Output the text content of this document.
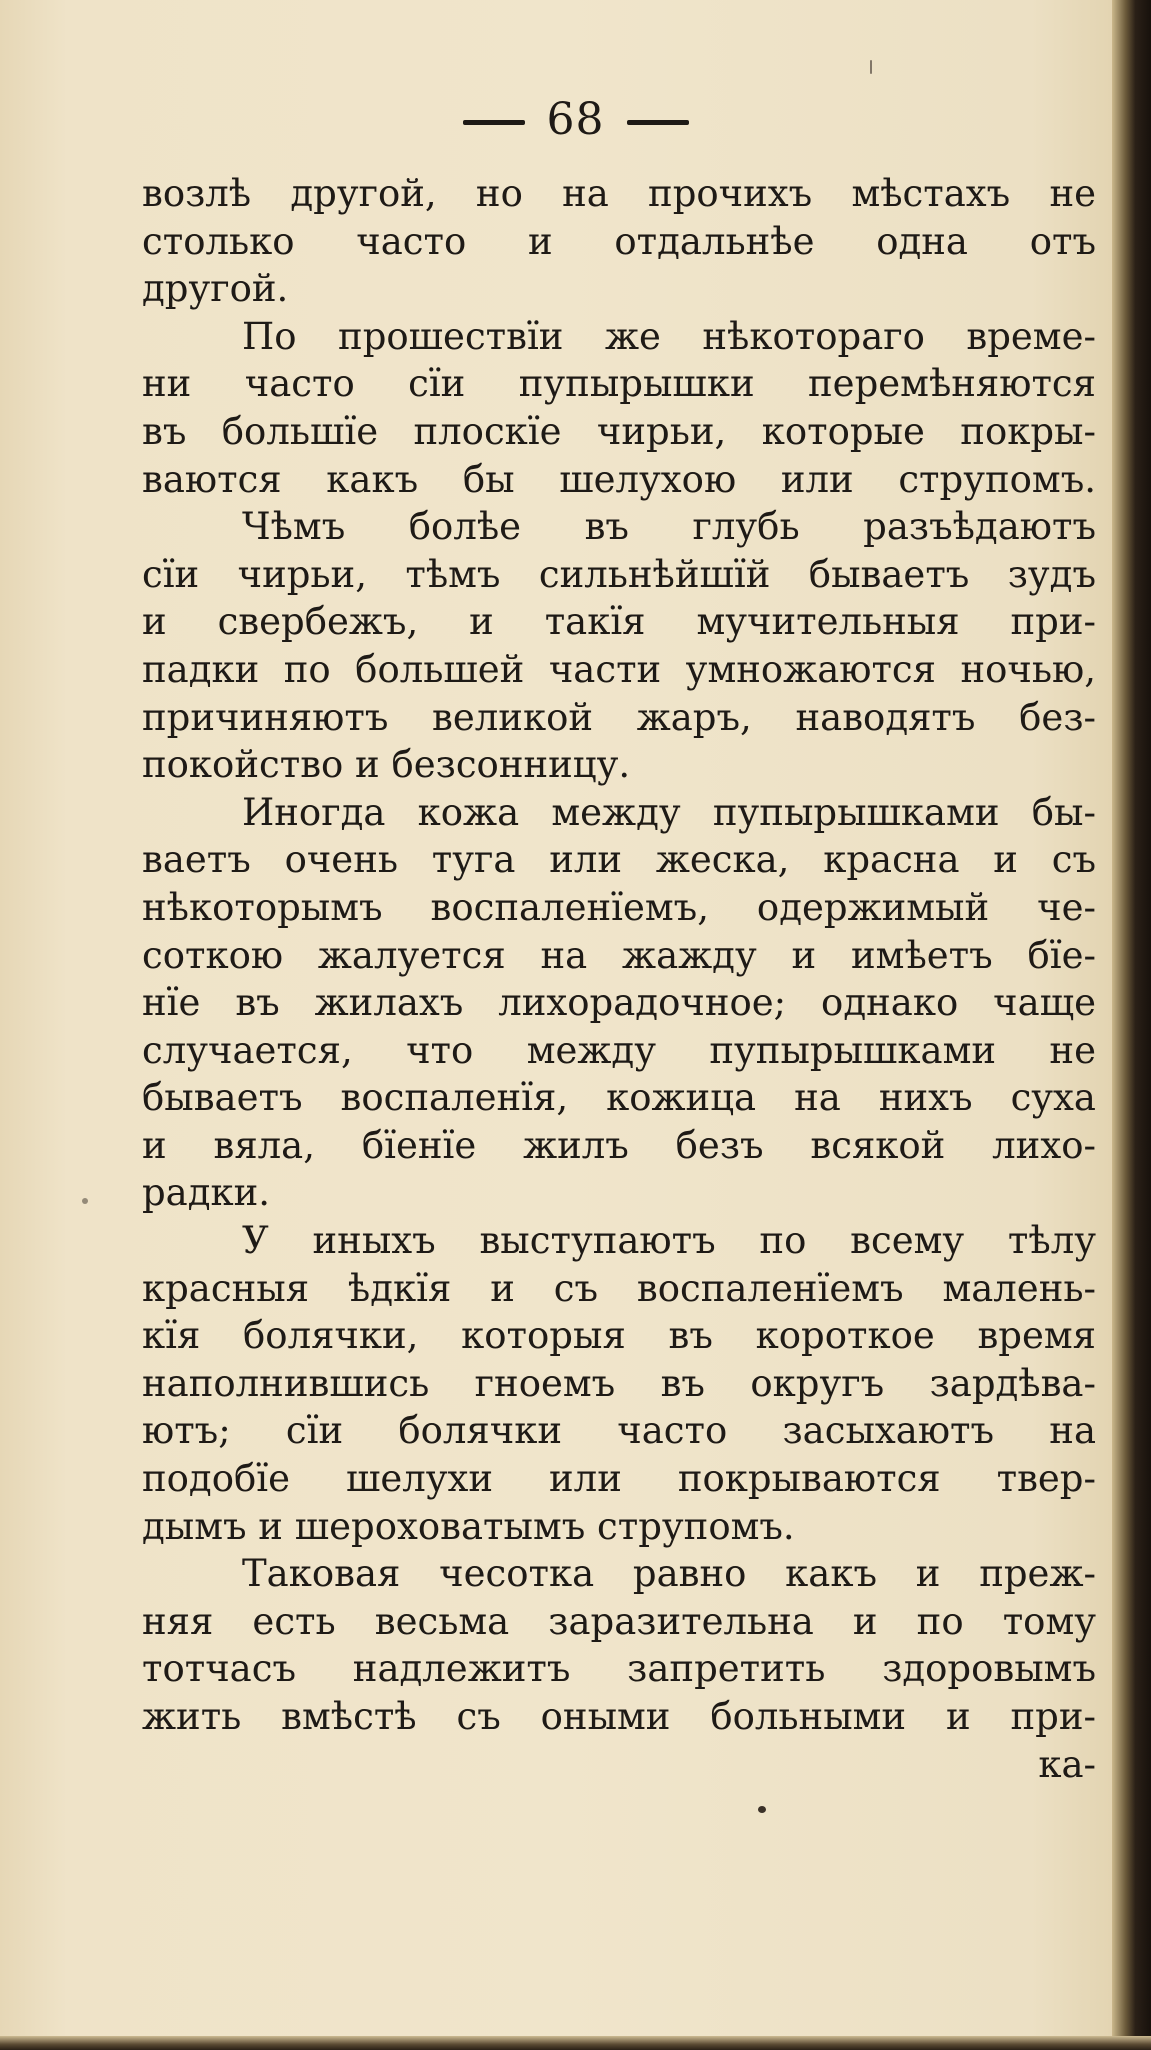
68
возлѣ другой, но на прочихъ мѣстахъ не
столько часто и отдальнѣе одна отъ
другой.
По прошествїи же нѣкотораго време-
ни часто сїи пупырышки перемѣняются
въ большїе плоскїе чирьи, которые покры-
ваются какъ бы шелухою или струпомъ.
Чѣмъ болѣе въ глубь разъѣдаютъ
сїи чирьи, тѣмъ сильнѣйшїй бываетъ зудъ
и свербежъ, и такїя мучительныя при-
падки по большей части умножаются ночью,
причиняютъ великой жаръ, наводятъ без-
покойство и безсонницу.
Иногда кожа между пупырышками бы-
ваетъ очень туга или жеска, красна и съ
нѣкоторымъ воспаленїемъ, одержимый че-
соткою жалуется на жажду и имѣетъ бїе-
нїе въ жилахъ лихорадочное; однако чаще
случается, что между пупырышками не
бываетъ воспаленїя, кожица на нихъ суха
и вяла, бїенїе жилъ безъ всякой лихо-
радки.
У иныхъ выступаютъ по всему тѣлу
красныя ѣдкїя и съ воспаленїемъ малень-
кїя болячки, которыя въ короткое время
наполнившись гноемъ въ округъ зардѣва-
ютъ; сїи болячки часто засыхаютъ на
подобїе шелухи или покрываются твер-
дымъ и шероховатымъ струпомъ.
Таковая чесотка равно какъ и преж-
няя есть весьма заразительна и по тому
тотчасъ надлежитъ запретить здоровымъ
жить вмѣстѣ съ оными больными и при-
ка-
